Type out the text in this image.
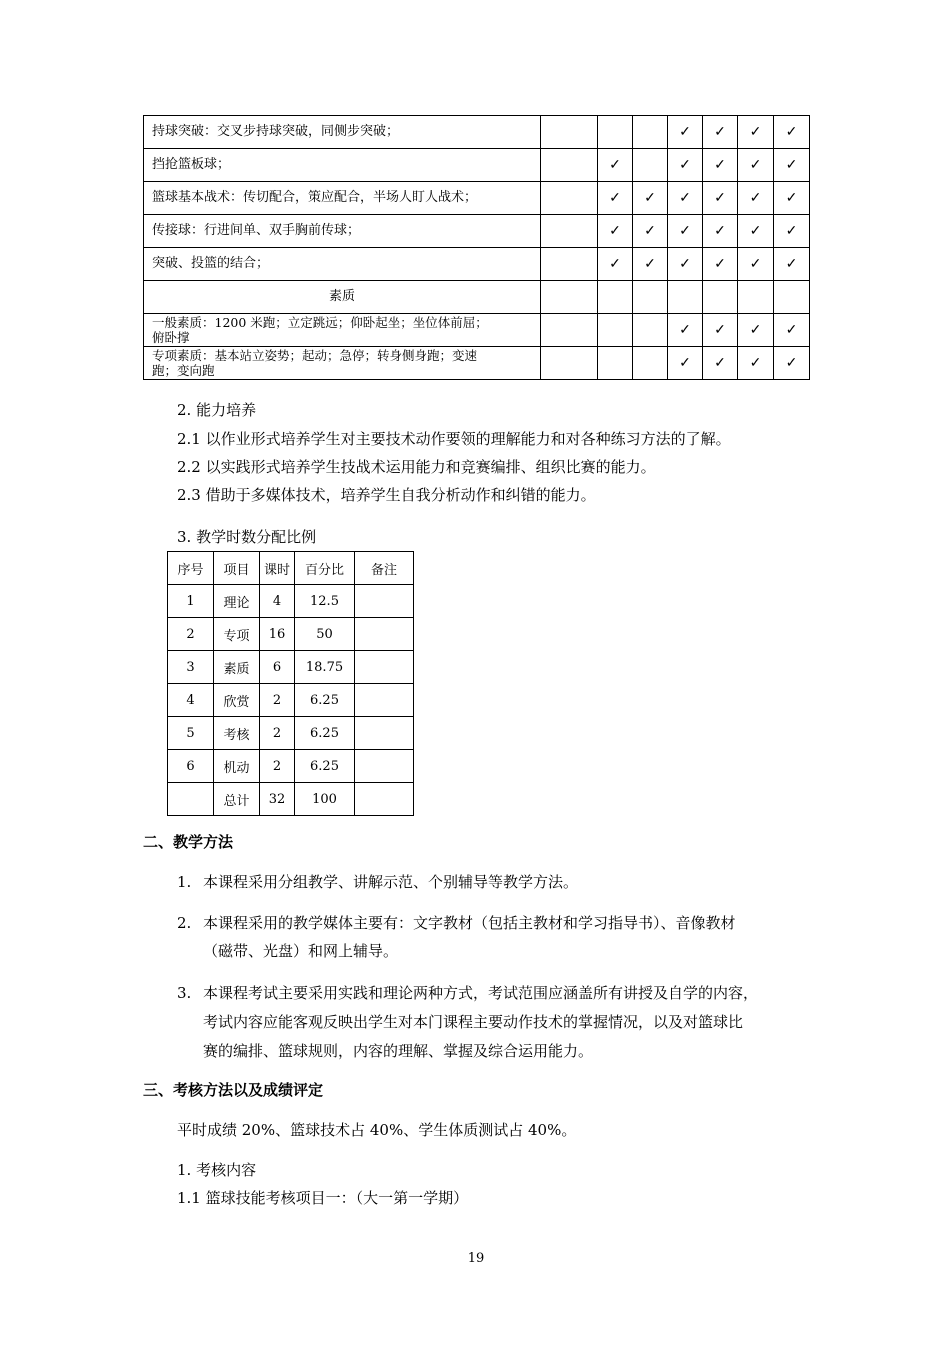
持球突破：交叉步持球突破，同侧步突破；				✓	✓	✓	✓
挡抢篮板球；		✓		✓	✓	✓	✓
篮球基本战术：传切配合，策应配合，半场人盯人战术；		✓	✓	✓	✓	✓	✓
传接球：行进间单、双手胸前传球；		✓	✓	✓	✓	✓	✓
突破、投篮的结合；		✓	✓	✓	✓	✓	✓
素质							

一般素质：1200 米跑；立定跳远；仰卧起坐；坐位体前屈；
俯卧撑				✓	✓	✓	✓

专项素质：基本站立姿势；起动；急停；转身侧身跑；变速
跑；变向跑				✓	✓	✓	✓
2. 能力培养
2.1 以作业形式培养学生对主要技术动作要领的理解能力和对各种练习方法的了解。
2.2 以实践形式培养学生技战术运用能力和竞赛编排、组织比赛的能力。
2.3 借助于多媒体技术，培养学生自我分析动作和纠错的能力。
3. 教学时数分配比例
序号	项目	课时	百分比	备注
1	理论	4	12.5	
2	专项	16	50	
3	素质	6	18.75	
4	欣赏	2	6.25	
5	考核	2	6.25	
6	机动	2	6.25	
	总计	32	100	
二、教学方法
1. 本课程采用分组教学、讲解示范、个别辅导等教学方法。
2. 本课程采用的教学媒体主要有：文字教材（包括主教材和学习指导书）、音像教材
（磁带、光盘）和网上辅导。
3. 本课程考试主要采用实践和理论两种方式，考试范围应涵盖所有讲授及自学的内容，
考试内容应能客观反映出学生对本门课程主要动作技术的掌握情况，以及对篮球比
赛的编排、篮球规则，内容的理解、掌握及综合运用能力。
三、考核方法以及成绩评定
平时成绩 20%、篮球技术占 40%、学生体质测试占 40%。
1. 考核内容
1.1 篮球技能考核项目一：（大一第一学期）
19
